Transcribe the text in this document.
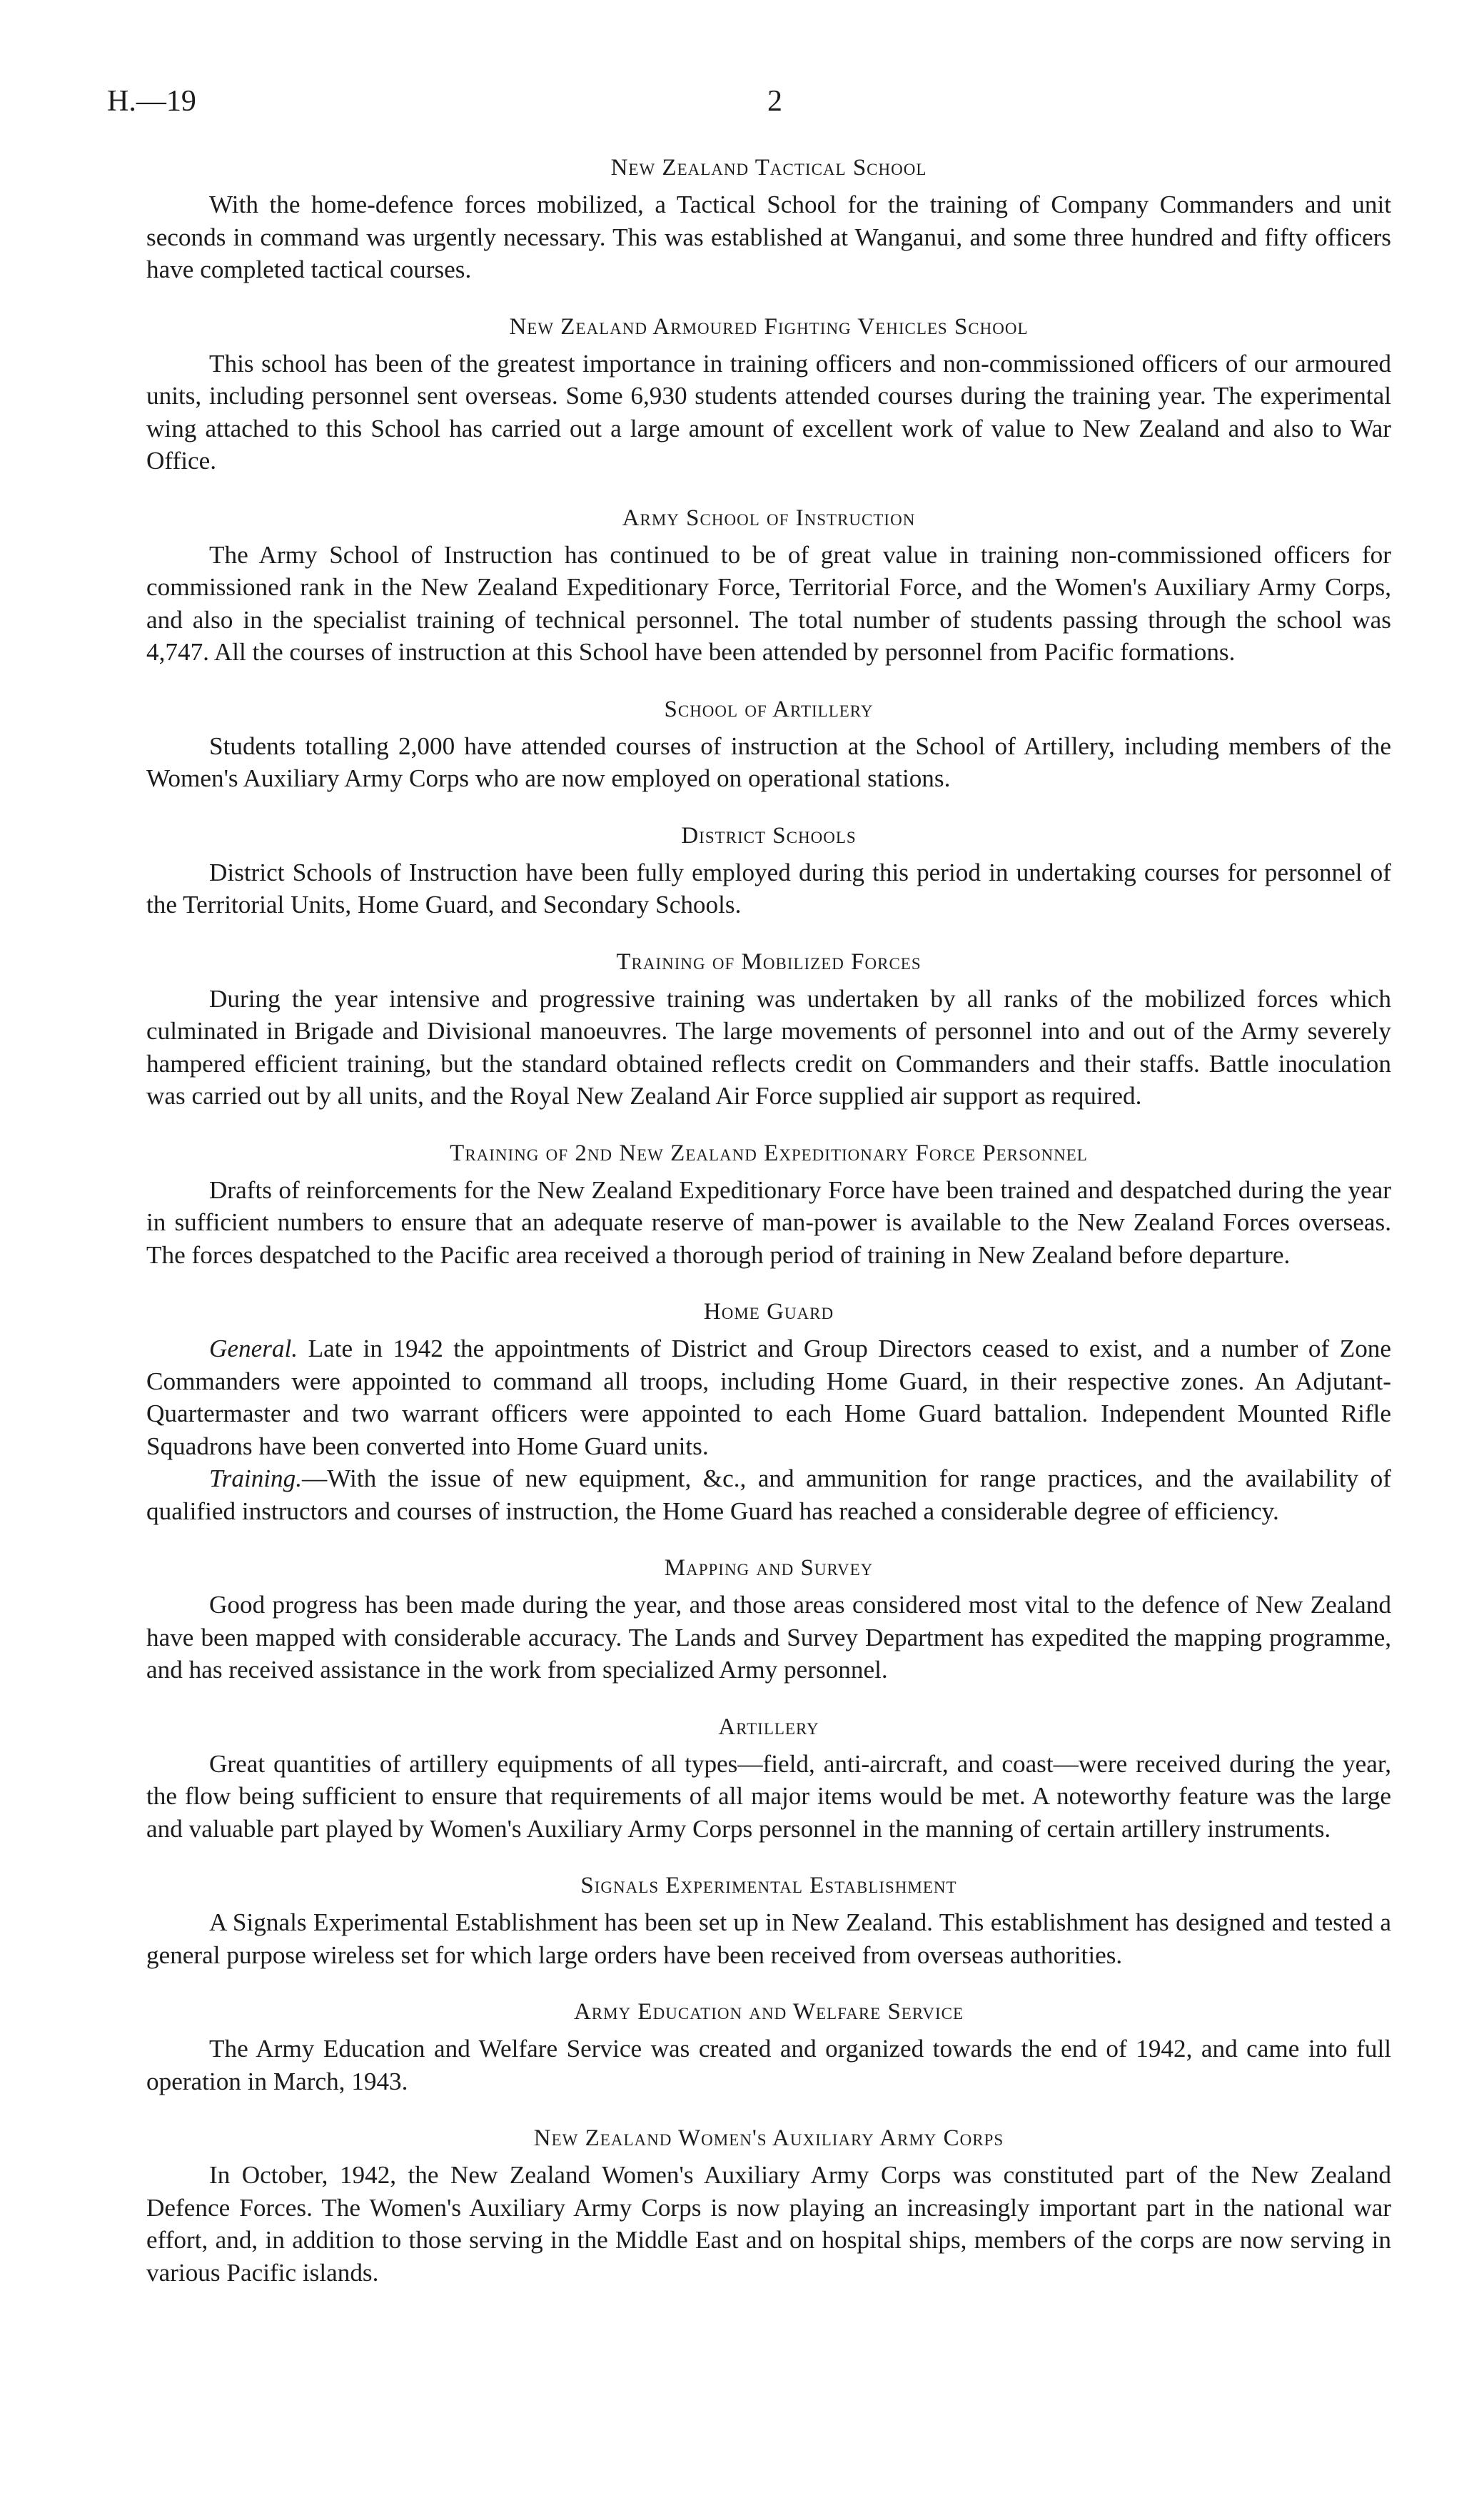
H.—19	2
New Zealand Tactical School

With the home-defence forces mobilized, a Tactical School for the training of Company Commanders and unit seconds in command was urgently necessary. This was established at Wanganui, and some three hundred and fifty officers have completed tactical courses.

New Zealand Armoured Fighting Vehicles School

This school has been of the greatest importance in training officers and non-commissioned officers of our armoured units, including personnel sent overseas. Some 6,930 students attended courses during the training year. The experimental wing attached to this School has carried out a large amount of excellent work of value to New Zealand and also to War Office.

Army School of Instruction

The Army School of Instruction has continued to be of great value in training non-commissioned officers for commissioned rank in the New Zealand Expeditionary Force, Territorial Force, and the Women's Auxiliary Army Corps, and also in the specialist training of technical personnel. The total number of students passing through the school was 4,747. All the courses of instruction at this School have been attended by personnel from Pacific formations.

School of Artillery

Students totalling 2,000 have attended courses of instruction at the School of Artillery, including members of the Women's Auxiliary Army Corps who are now employed on operational stations.

District Schools

District Schools of Instruction have been fully employed during this period in undertaking courses for personnel of the Territorial Units, Home Guard, and Secondary Schools.

Training of Mobilized Forces

During the year intensive and progressive training was undertaken by all ranks of the mobilized forces which culminated in Brigade and Divisional manoeuvres. The large movements of personnel into and out of the Army severely hampered efficient training, but the standard obtained reflects credit on Commanders and their staffs. Battle inoculation was carried out by all units, and the Royal New Zealand Air Force supplied air support as required.

Training of 2nd New Zealand Expeditionary Force Personnel

Drafts of reinforcements for the New Zealand Expeditionary Force have been trained and despatched during the year in sufficient numbers to ensure that an adequate reserve of man-power is available to the New Zealand Forces overseas. The forces despatched to the Pacific area received a thorough period of training in New Zealand before departure.

Home Guard

General. Late in 1942 the appointments of District and Group Directors ceased to exist, and a number of Zone Commanders were appointed to command all troops, including Home Guard, in their respective zones. An Adjutant-Quartermaster and two warrant officers were appointed to each Home Guard battalion. Independent Mounted Rifle Squadrons have been converted into Home Guard units.

Training.—With the issue of new equipment, &c., and ammunition for range practices, and the availability of qualified instructors and courses of instruction, the Home Guard has reached a considerable degree of efficiency.

Mapping and Survey

Good progress has been made during the year, and those areas considered most vital to the defence of New Zealand have been mapped with considerable accuracy. The Lands and Survey Department has expedited the mapping programme, and has received assistance in the work from specialized Army personnel.

Artillery

Great quantities of artillery equipments of all types—field, anti-aircraft, and coast—were received during the year, the flow being sufficient to ensure that requirements of all major items would be met. A noteworthy feature was the large and valuable part played by Women's Auxiliary Army Corps personnel in the manning of certain artillery instruments.

Signals Experimental Establishment

A Signals Experimental Establishment has been set up in New Zealand. This establishment has designed and tested a general purpose wireless set for which large orders have been received from overseas authorities.

Army Education and Welfare Service

The Army Education and Welfare Service was created and organized towards the end of 1942, and came into full operation in March, 1943.

New Zealand Women's Auxiliary Army Corps

In October, 1942, the New Zealand Women's Auxiliary Army Corps was constituted part of the New Zealand Defence Forces. The Women's Auxiliary Army Corps is now playing an increasingly important part in the national war effort, and, in addition to those serving in the Middle East and on hospital ships, members of the corps are now serving in various Pacific islands.
